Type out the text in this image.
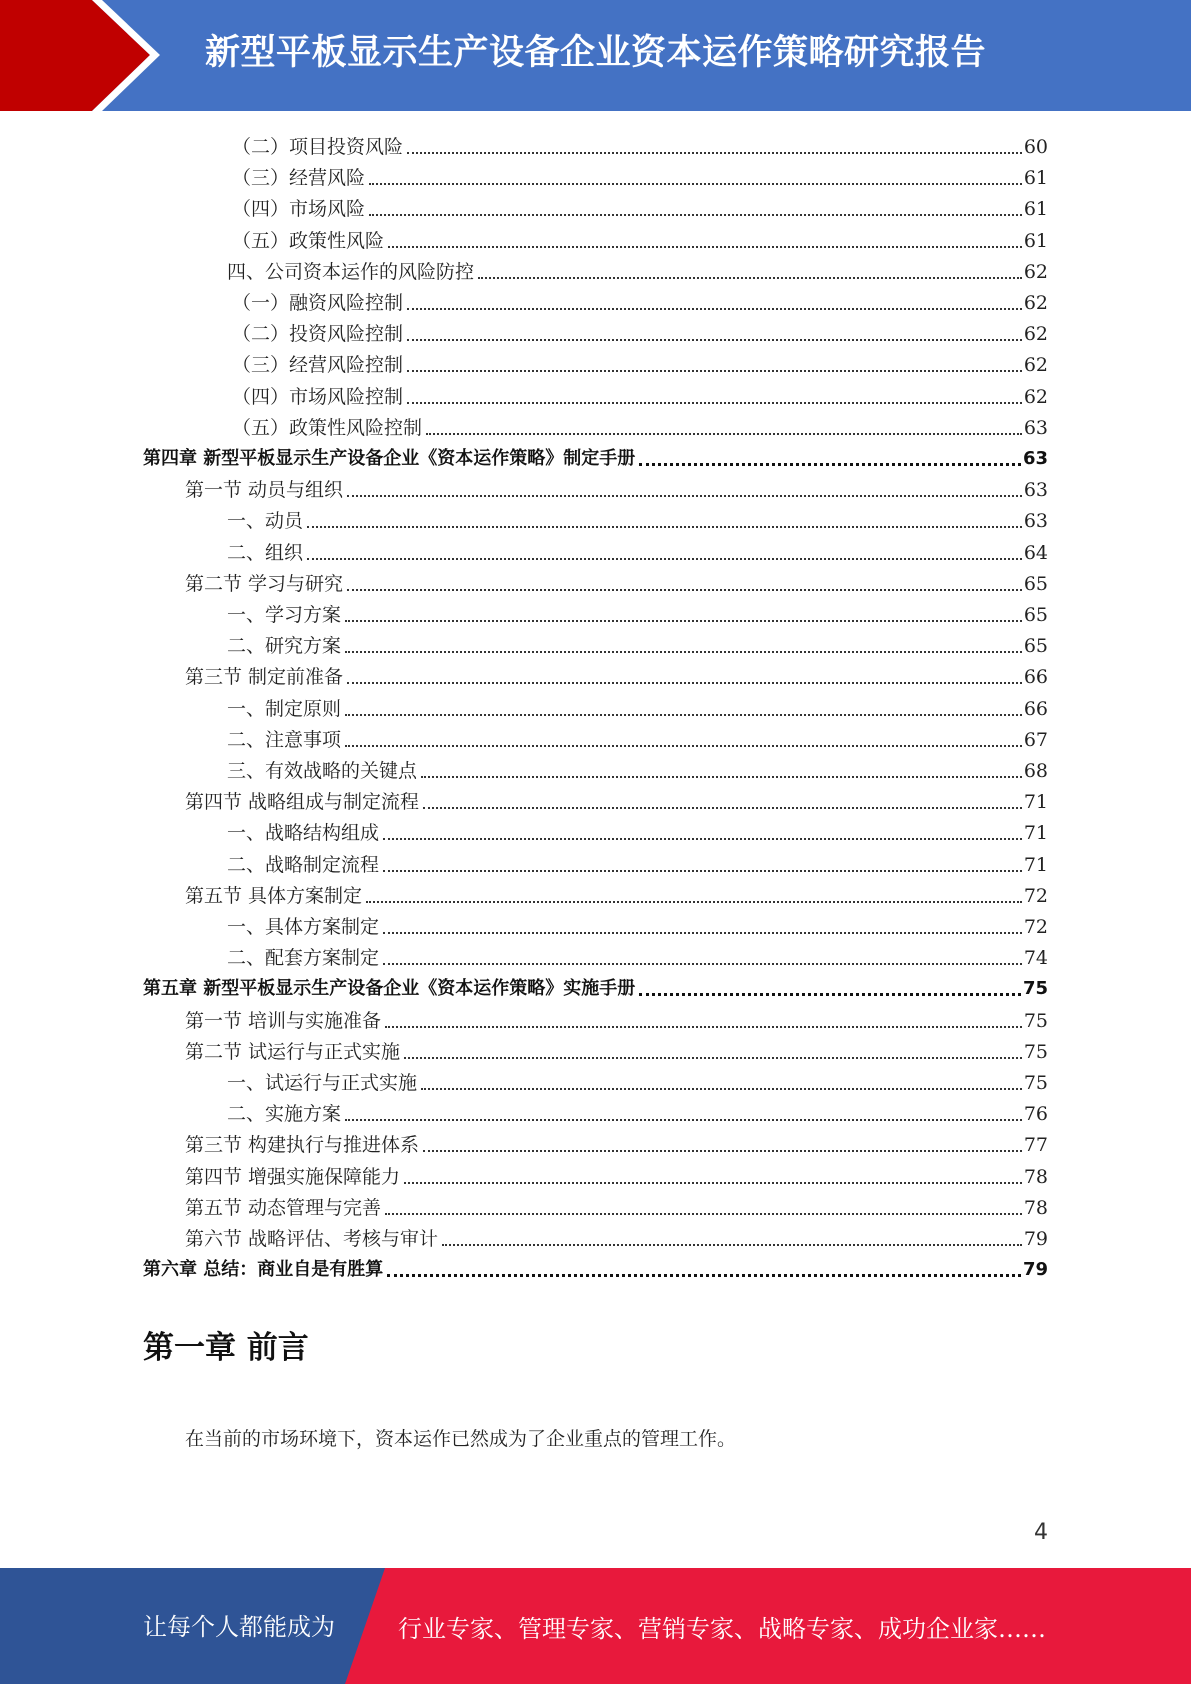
新型平板显示生产设备企业资本运作策略研究报告
（二）项目投资风险	60
（三）经营风险	61
（四）市场风险	61
（五）政策性风险	61
四、公司资本运作的风险防控	62
（一）融资风险控制	62
（二）投资风险控制	62
（三）经营风险控制	62
（四）市场风险控制	62
（五）政策性风险控制	63
第四章 新型平板显示生产设备企业《资本运作策略》制定手册	63
第一节 动员与组织	63
一、动员	63
二、组织	64
第二节 学习与研究	65
一、学习方案	65
二、研究方案	65
第三节 制定前准备	66
一、制定原则	66
二、注意事项	67
三、有效战略的关键点	68
第四节 战略组成与制定流程	71
一、战略结构组成	71
二、战略制定流程	71
第五节 具体方案制定	72
一、具体方案制定	72
二、配套方案制定	74
第五章 新型平板显示生产设备企业《资本运作策略》实施手册	75
第一节 培训与实施准备	75
第二节 试运行与正式实施	75
一、试运行与正式实施	75
二、实施方案	76
第三节 构建执行与推进体系	77
第四节 增强实施保障能力	78
第五节 动态管理与完善	78
第六节 战略评估、考核与审计	79
第六章 总结：商业自是有胜算	79
第一章 前言
在当前的市场环境下，资本运作已然成为了企业重点的管理工作。
4
让每个人都能成为	行业专家、管理专家、营销专家、战略专家、成功企业家……
